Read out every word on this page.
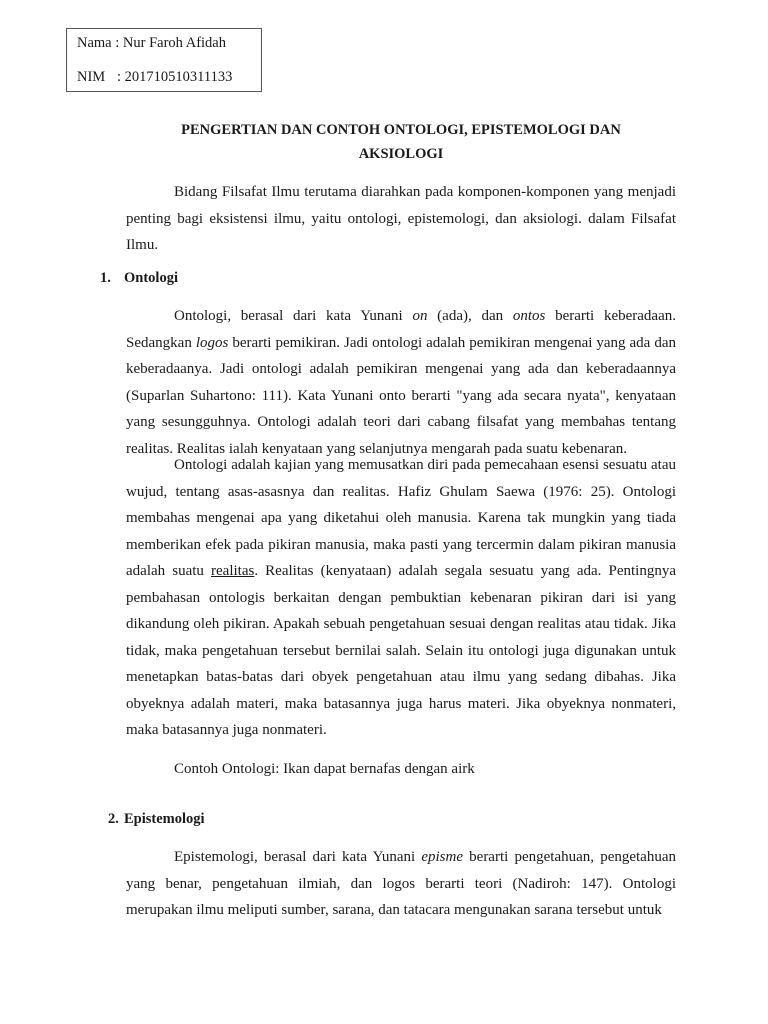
Nama : Nur Faroh Afidah
NIM : 201710510311133
PENGERTIAN DAN CONTOH ONTOLOGI, EPISTEMOLOGI DAN
AKSIOLOGI

Bidang Filsafat Ilmu terutama diarahkan pada komponen-komponen yang menjadi penting bagi eksistensi ilmu, yaitu ontologi, epistemologi, dan aksiologi. dalam Filsafat Ilmu.

1. Ontologi

Ontologi, berasal dari kata Yunani on (ada), dan ontos berarti keberadaan. Sedangkan logos berarti pemikiran. Jadi ontologi adalah pemikiran mengenai yang ada dan keberadaanya. Jadi ontologi adalah pemikiran mengenai yang ada dan keberadaannya (Suparlan Suhartono: 111). Kata Yunani onto berarti "yang ada secara nyata", kenyataan yang sesungguhnya. Ontologi adalah teori dari cabang filsafat yang membahas tentang realitas. Realitas ialah kenyataan yang selanjutnya mengarah pada suatu kebenaran.

Ontologi adalah kajian yang memusatkan diri pada pemecahaan esensi sesuatu atau wujud, tentang asas-asasnya dan realitas. Hafiz Ghulam Saewa (1976: 25). Ontologi membahas mengenai apa yang diketahui oleh manusia. Karena tak mungkin yang tiada memberikan efek pada pikiran manusia, maka pasti yang tercermin dalam pikiran manusia adalah suatu realitas. Realitas (kenyataan) adalah segala sesuatu yang ada. Pentingnya pembahasan ontologis berkaitan dengan pembuktian kebenaran pikiran dari isi yang dikandung oleh pikiran. Apakah sebuah pengetahuan sesuai dengan realitas atau tidak. Jika tidak, maka pengetahuan tersebut bernilai salah. Selain itu ontologi juga digunakan untuk menetapkan batas-batas dari obyek pengetahuan atau ilmu yang sedang dibahas. Jika obyeknya adalah materi, maka batasannya juga harus materi. Jika obyeknya nonmateri, maka batasannya juga nonmateri.

Contoh Ontologi: Ikan dapat bernafas dengan airk
2. Epistemologi

Epistemologi, berasal dari kata Yunani episme berarti pengetahuan, pengetahuan yang benar, pengetahuan ilmiah, dan logos berarti teori (Nadiroh: 147). Ontologi merupakan ilmu meliputi sumber, sarana, dan tatacara mengunakan sarana tersebut untuk
